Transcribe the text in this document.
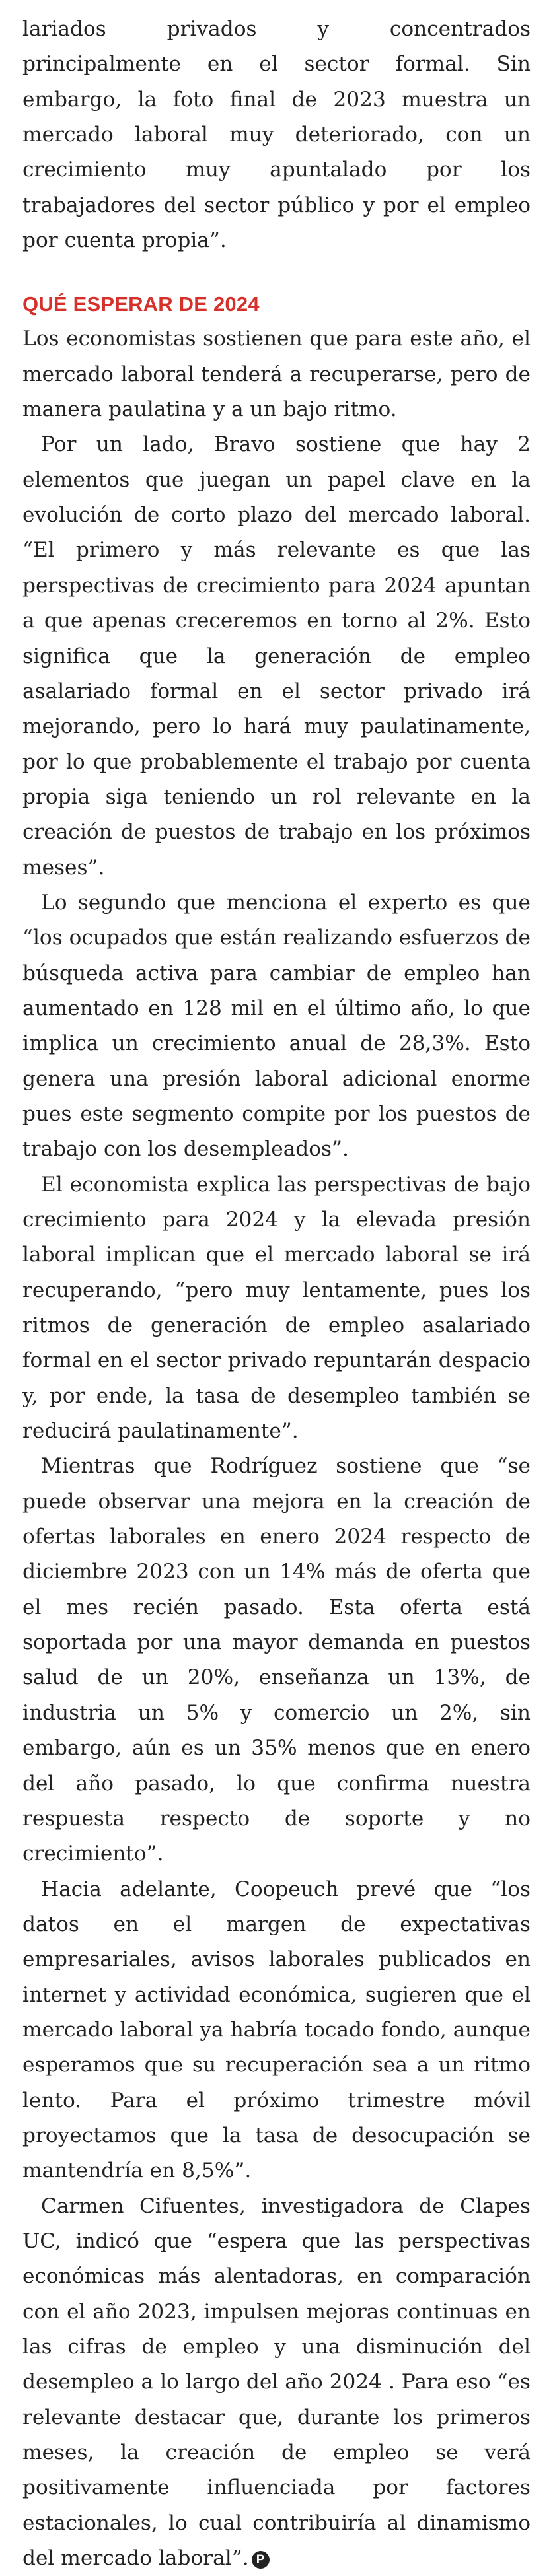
lariados privados y concentrados principalmente en el sector formal. Sin embargo, la foto final de 2023 muestra un mercado laboral muy deteriorado, con un crecimiento muy apuntalado por los trabajadores del sector público y por el empleo por cuenta propia”.

QUÉ ESPERAR DE 2024

Los economistas sostienen que para este año, el mercado laboral tenderá a recuperarse, pero de manera paulatina y a un bajo ritmo.

Por un lado, Bravo sostiene que hay 2 elementos que juegan un papel clave en la evolución de corto plazo del mercado laboral. “El primero y más relevante es que las perspectivas de crecimiento para 2024 apuntan a que apenas creceremos en torno al 2%. Esto significa que la generación de empleo asalariado formal en el sector privado irá mejorando, pero lo hará muy paulatinamente, por lo que probablemente el trabajo por cuenta propia siga teniendo un rol relevante en la creación de puestos de trabajo en los próximos meses”.

Lo segundo que menciona el experto es que “los ocupados que están realizando esfuerzos de búsqueda activa para cambiar de empleo han aumentado en 128 mil en el último año, lo que implica un crecimiento anual de 28,3%. Esto genera una presión laboral adicional enorme pues este segmento compite por los puestos de trabajo con los desempleados”.

El economista explica las perspectivas de bajo crecimiento para 2024 y la elevada presión laboral implican que el mercado laboral se irá recuperando, “pero muy lentamente, pues los ritmos de generación de empleo asalariado formal en el sector privado repuntarán despacio y, por ende, la tasa de desempleo también se reducirá paulatinamente”.

Mientras que Rodríguez sostiene que “se puede observar una mejora en la creación de ofertas laborales en enero 2024 respecto de diciembre 2023 con un 14% más de oferta que el mes recién pasado. Esta oferta está soportada por una mayor demanda en puestos salud de un 20%, enseñanza un 13%, de industria un 5% y comercio un 2%, sin embargo, aún es un 35% menos que en enero del año pasado, lo que confirma nuestra respuesta respecto de soporte y no crecimiento”.

Hacia adelante, Coopeuch prevé que “los datos en el margen de expectativas empresariales, avisos laborales publicados en internet y actividad económica, sugieren que el mercado laboral ya habría tocado fondo, aunque esperamos que su recuperación sea a un ritmo lento. Para el próximo trimestre móvil proyectamos que la tasa de desocupación se mantendría en 8,5%”.

Carmen Cifuentes, investigadora de Clapes UC, indicó que “espera que las perspectivas económicas más alentadoras, en comparación con el año 2023, impulsen mejoras continuas en las cifras de empleo y una disminución del desempleo a lo largo del año 2024 . Para eso “es relevante destacar que, durante los primeros meses, la creación de empleo se verá positivamente influenciada por factores estacionales, lo cual contribuiría al dinamismo del mercado laboral”. P
